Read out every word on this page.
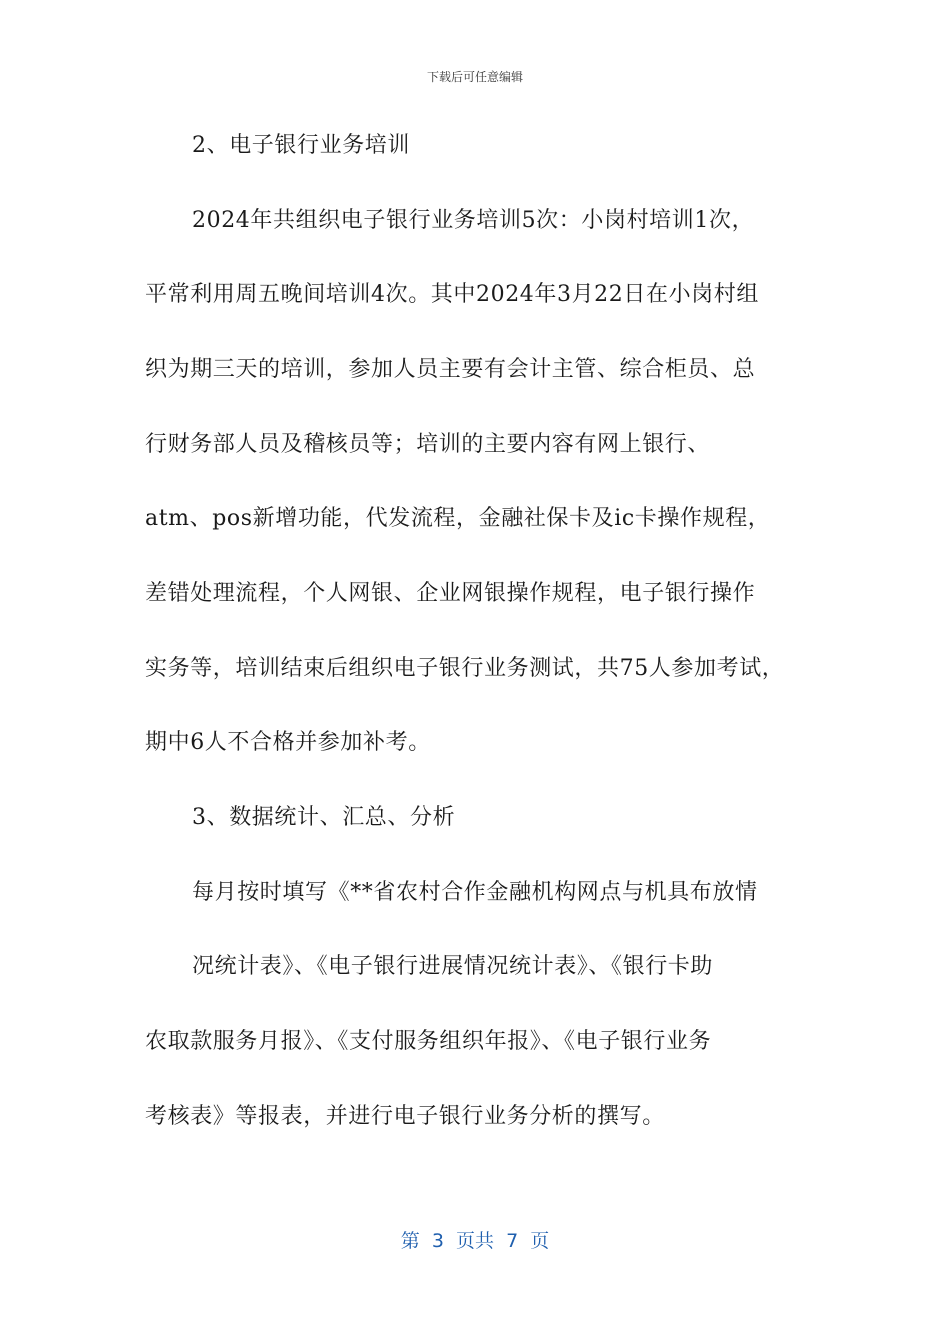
下载后可任意编辑
2、电子银行业务培训
2024年共组织电子银行业务培训5次：小岗村培训1次，
平常利用周五晚间培训4次。其中2024年3月22日在小岗村组
织为期三天的培训，参加人员主要有会计主管、综合柜员、总
行财务部人员及稽核员等；培训的主要内容有网上银行、
atm、pos新增功能，代发流程，金融社保卡及ic卡操作规程，
差错处理流程，个人网银、企业网银操作规程，电子银行操作
实务等，培训结束后组织电子银行业务测试，共75人参加考试，
期中6人不合格并参加补考。
3、数据统计、汇总、分析
每月按时填写《**省农村合作金融机构网点与机具布放情
况统计表》、《电子银行进展情况统计表》、《银行卡助
农取款服务月报》、《支付服务组织年报》、《电子银行业务
考核表》等报表，并进行电子银行业务分析的撰写。
第  3  页共  7  页
